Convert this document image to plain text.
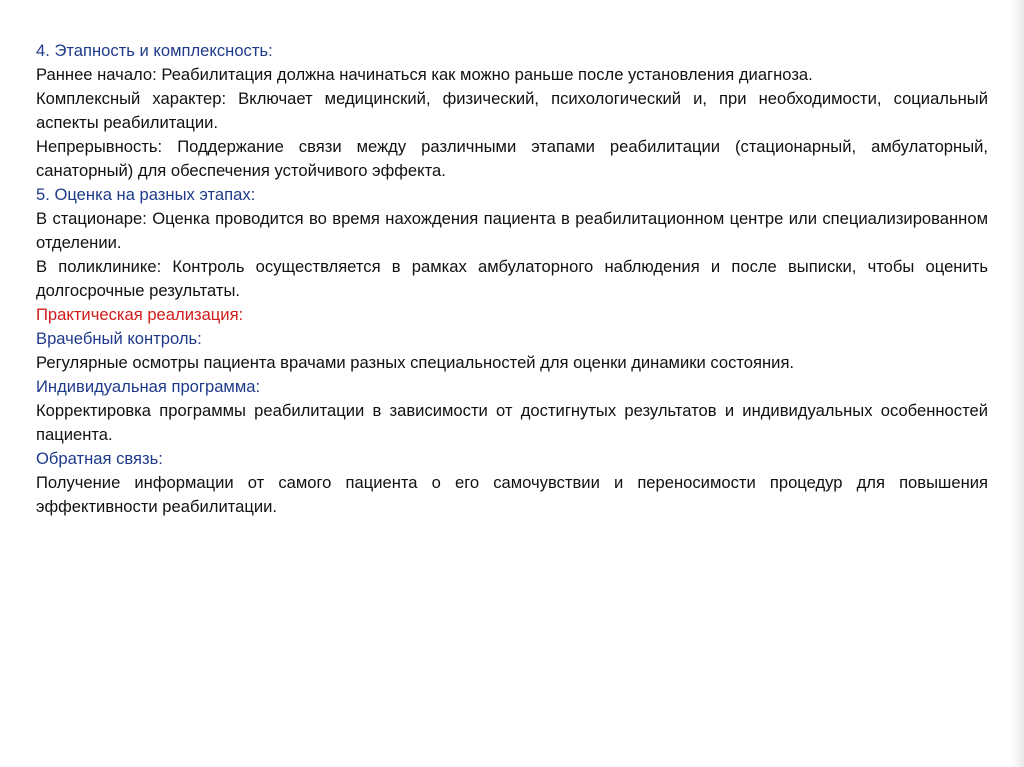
4. Этапность и комплексность:

Раннее начало: Реабилитация должна начинаться как можно раньше после установления диагноза.

Комплексный характер: Включает медицинский, физический, психологический и, при необходимости, социальный аспекты реабилитации.

Непрерывность: Поддержание связи между различными этапами реабилитации (стационарный, амбулаторный, санаторный) для обеспечения устойчивого эффекта.

5. Оценка на разных этапах:

В стационаре: Оценка проводится во время нахождения пациента в реабилитационном центре или специализированном отделении.

В поликлинике: Контроль осуществляется в рамках амбулаторного наблюдения и после выписки, чтобы оценить долгосрочные результаты.

Практическая реализация:

Врачебный контроль:

Регулярные осмотры пациента врачами разных специальностей для оценки динамики состояния.

Индивидуальная программа:

Корректировка программы реабилитации в зависимости от достигнутых результатов и индивидуальных особенностей пациента.

Обратная связь:

Получение информации от самого пациента о его самочувствии и переносимости процедур для повышения эффективности реабилитации.
